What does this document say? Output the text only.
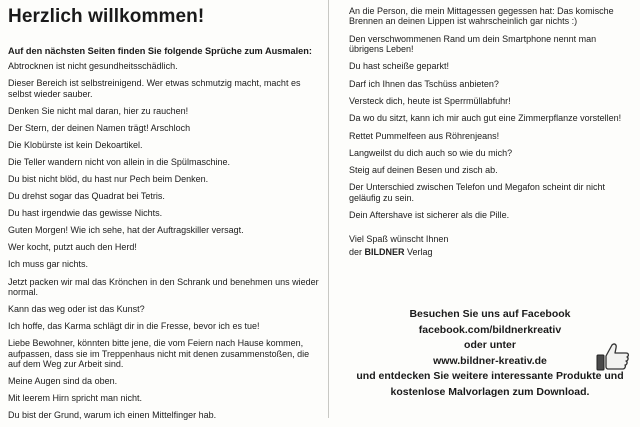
Herzlich willkommen!

Auf den nächsten Seiten finden Sie folgende Sprüche zum Ausmalen:

Abtrocknen ist nicht gesundheitsschädlich.

Dieser Bereich ist selbstreinigend. Wer etwas schmutzig macht, macht es selbst wieder sauber.

Denken Sie nicht mal daran, hier zu rauchen!

Der Stern, der deinen Namen trägt! Arschloch

Die Klobürste ist kein Dekoartikel.

Die Teller wandern nicht von allein in die Spülmaschine.

Du bist nicht blöd, du hast nur Pech beim Denken.

Du drehst sogar das Quadrat bei Tetris.

Du hast irgendwie das gewisse Nichts.

Guten Morgen! Wie ich sehe, hat der Auftragskiller versagt.

Wer kocht, putzt auch den Herd!

Ich muss gar nichts.

Jetzt packen wir mal das Krönchen in den Schrank und benehmen uns wieder normal.

Kann das weg oder ist das Kunst?

Ich hoffe, das Karma schlägt dir in die Fresse, bevor ich es tue!

Liebe Bewohner, könnten bitte jene, die vom Feiern nach Hause kommen, aufpassen, dass sie im Treppenhaus nicht mit denen zusammenstoßen, die auf dem Weg zur Arbeit sind.

Meine Augen sind da oben.

Mit leerem Hirn spricht man nicht.

Du bist der Grund, warum ich einen Mittelfinger hab.

An die Person, die mein Mittagessen gegessen hat: Das komische Brennen an deinen Lippen ist wahrscheinlich gar nichts :)

Den verschwommenen Rand um dein Smartphone nennt man übrigens Leben!

Du hast scheiße geparkt!

Darf ich Ihnen das Tschüss anbieten?

Versteck dich, heute ist Sperrmüllabfuhr!

Da wo du sitzt, kann ich mir auch gut eine Zimmerpflanze vorstellen!

Rettet Pummelfeen aus Röhrenjeans!

Langweilst du dich auch so wie du mich?

Steig auf deinen Besen und zisch ab.

Der Unterschied zwischen Telefon und Megafon scheint dir nicht geläufig zu sein.

Dein Aftershave ist sicherer als die Pille.

Viel Spaß wünscht Ihnen
der BILDNER Verlag

Besuchen Sie uns auf Facebook

facebook.com/bildnerkreativ

oder unter

www.bildner-kreativ.de

und entdecken Sie weitere interessante Produkte und

kostenlose Malvorlagen zum Download.
